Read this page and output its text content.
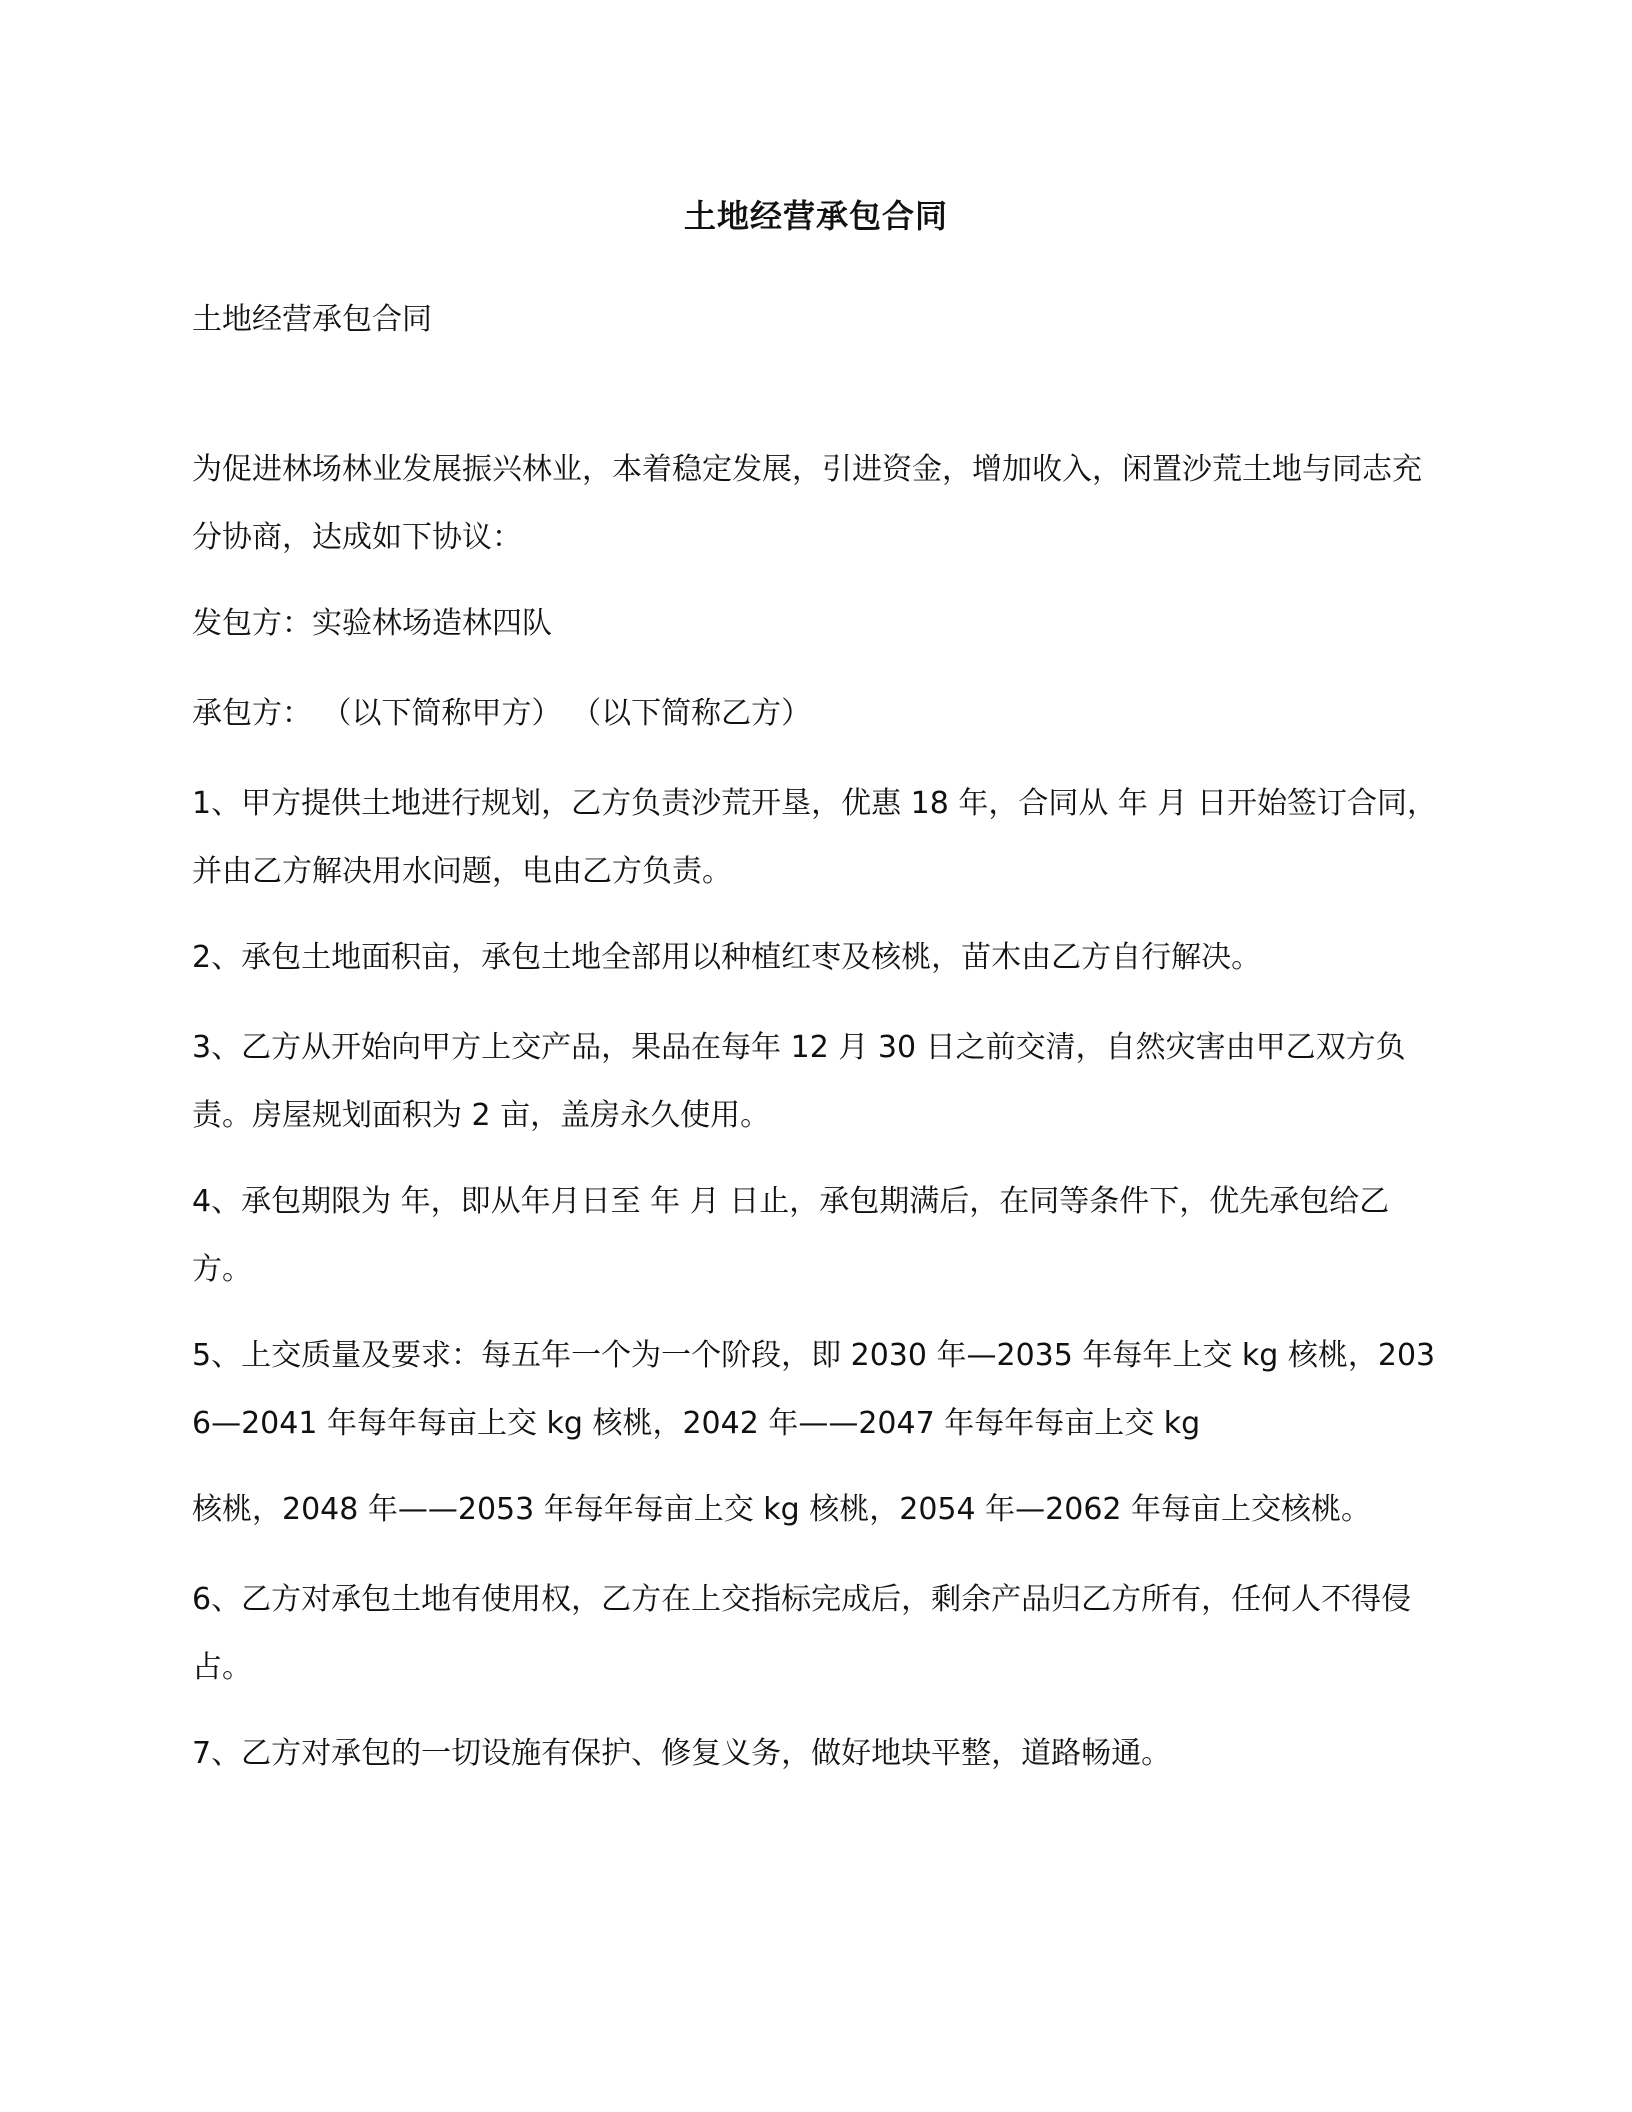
土地经营承包合同
土地经营承包合同
为促进林场林业发展振兴林业，本着稳定发展，引进资金，增加收入，闲置沙荒土地与同志充分协商，达成如下协议：
发包方：实验林场造林四队
承包方： （以下简称甲方） （以下简称乙方）
1、甲方提供土地进行规划，乙方负责沙荒开垦，优惠 18 年，合同从 年 月 日开始签订合同，并由乙方解决用水问题，电由乙方负责。
2、承包土地面积亩，承包土地全部用以种植红枣及核桃，苗木由乙方自行解决。
3、乙方从开始向甲方上交产品，果品在每年 12 月 30 日之前交清，自然灾害由甲乙双方负责。房屋规划面积为 2 亩，盖房永久使用。
4、承包期限为 年，即从年月日至 年 月 日止，承包期满后，在同等条件下，优先承包给乙方。
5、上交质量及要求：每五年一个为一个阶段，即 2030 年—2035 年每年上交 kg 核桃，2036—2041 年每年每亩上交 kg 核桃，2042 年——2047 年每年每亩上交 kg
核桃，2048 年——2053 年每年每亩上交 kg 核桃，2054 年—2062 年每亩上交核桃。
6、乙方对承包土地有使用权，乙方在上交指标完成后，剩余产品归乙方所有，任何人不得侵占。
7、乙方对承包的一切设施有保护、修复义务，做好地块平整，道路畅通。
